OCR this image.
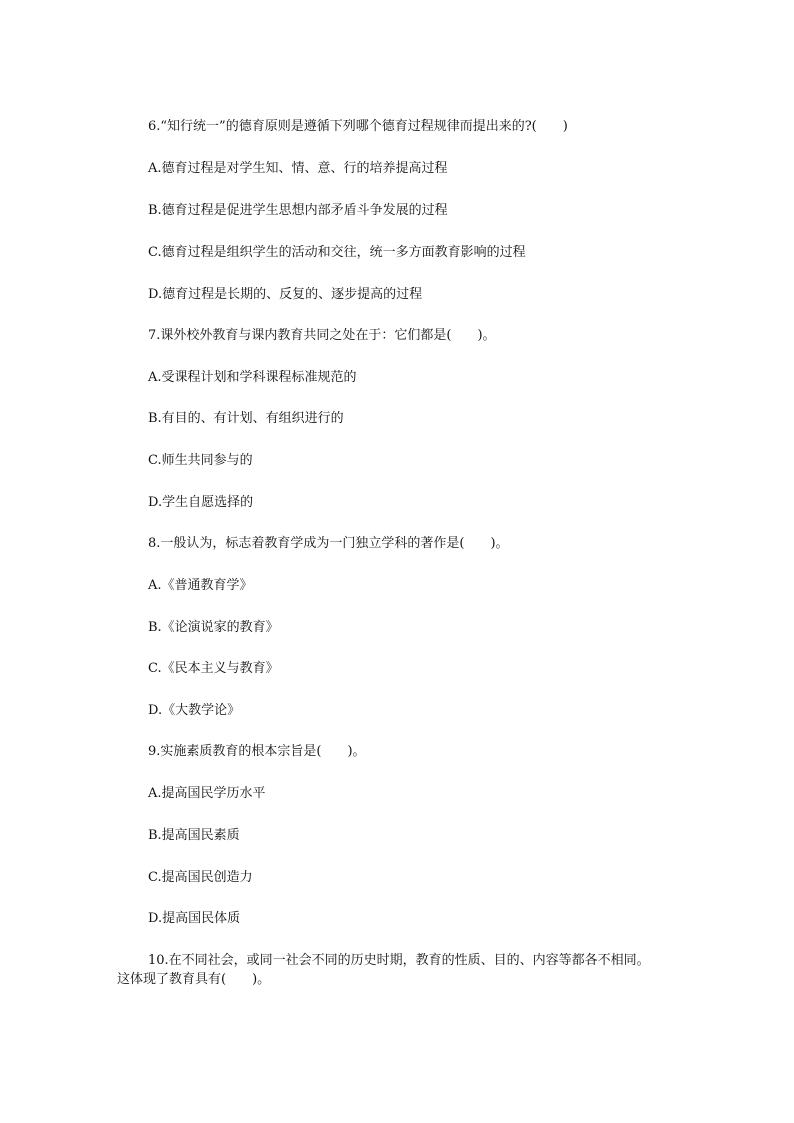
6.“知行统一”的德育原则是遵循下列哪个德育过程规律而提出来的?(　　)
A.德育过程是对学生知、情、意、行的培养提高过程
B.德育过程是促进学生思想内部矛盾斗争发展的过程
C.德育过程是组织学生的活动和交往，统一多方面教育影响的过程
D.德育过程是长期的、反复的、逐步提高的过程
7.课外校外教育与课内教育共同之处在于：它们都是(　　)。
A.受课程计划和学科课程标准规范的
B.有目的、有计划、有组织进行的
C.师生共同参与的
D.学生自愿选择的
8.一般认为，标志着教育学成为一门独立学科的著作是(　　)。
A.《普通教育学》
B.《论演说家的教育》
C.《民本主义与教育》
D.《大教学论》
9.实施素质教育的根本宗旨是(　　)。
A.提高国民学历水平
B.提高国民素质
C.提高国民创造力
D.提高国民体质
10.在不同社会，或同一社会不同的历史时期，教育的性质、目的、内容等都各不相同。
这体现了教育具有(　　)。
